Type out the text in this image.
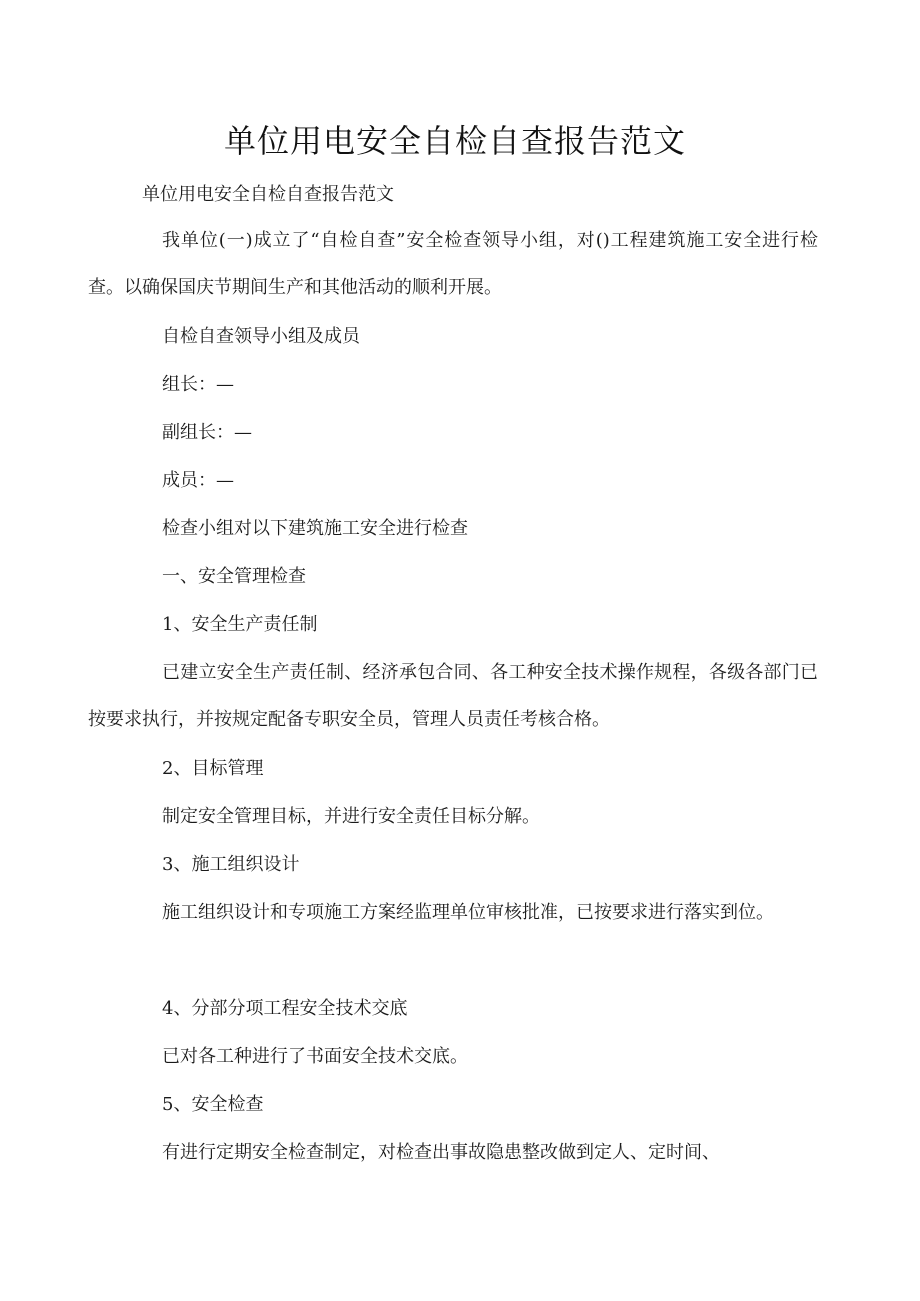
单位用电安全自检自查报告范文
单位用电安全自检自查报告范文

我单位(一)成立了“自检自查”安全检查领导小组，对()工程建筑施工安全进行检查。以确保国庆节期间生产和其他活动的顺利开展。

自检自查领导小组及成员
组长：—
副组长：—
成员：—
检查小组对以下建筑施工安全进行检查
一、安全管理检查
1、安全生产责任制

已建立安全生产责任制、经济承包合同、各工种安全技术操作规程，各级各部门已按要求执行，并按规定配备专职安全员，管理人员责任考核合格。

2、目标管理
制定安全管理目标，并进行安全责任目标分解。
3、施工组织设计

施工组织设计和专项施工方案经监理单位审核批准，已按要求进行落实到位。

4、分部分项工程安全技术交底
已对各工种进行了书面安全技术交底。
5、安全检查
有进行定期安全检查制定，对检查出事故隐患整改做到定人、定时间、
